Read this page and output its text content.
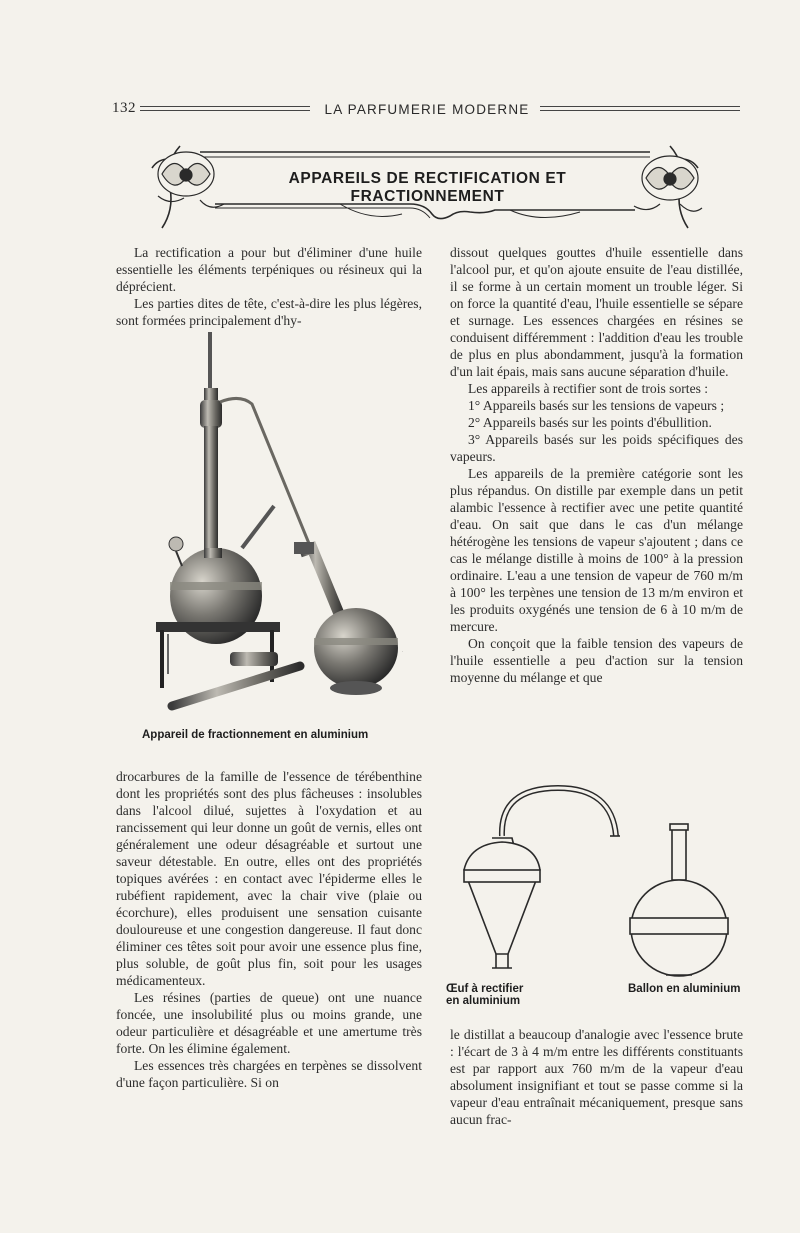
132	LA PARFUMERIE MODERNE
APPAREILS DE RECTIFICATION ET FRACTIONNEMENT

La rectification a pour but d'éliminer d'une huile essentielle les éléments terpéniques ou résineux qui la déprécient.

Les parties dites de tête, c'est-à-dire les plus légères, sont formées principalement d'hy-

.
Appareil de fractionnement en aluminium

drocarbures de la famille de l'essence de térébenthine dont les propriétés sont des plus fâcheuses : insolubles dans l'alcool dilué, sujettes à l'oxydation et au rancissement qui leur donne un goût de vernis, elles ont généralement une odeur désagréable et surtout une saveur détestable. En outre, elles ont des propriétés topiques avérées : en contact avec l'épiderme elles le rubéfient rapidement, avec la chair vive (plaie ou écorchure), elles produisent une sensation cuisante douloureuse et une congestion dangereuse. Il faut donc éliminer ces têtes soit pour avoir une essence plus fine, plus soluble, de goût plus fin, soit pour les usages médicamenteux.

Les résines (parties de queue) ont une nuance foncée, une insolubilité plus ou moins grande, une odeur particulière et désagréable et une amertume très forte. On les élimine également.

Les essences très chargées en terpènes se dissolvent d'une façon particulière. Si on

dissout quelques gouttes d'huile essentielle dans l'alcool pur, et qu'on ajoute ensuite de l'eau distillée, il se forme à un certain moment un trouble léger. Si on force la quantité d'eau, l'huile essentielle se sépare et surnage. Les essences chargées en résines se conduisent différemment : l'addition d'eau les trouble de plus en plus abondamment, jusqu'à la formation d'un lait épais, mais sans aucune séparation d'huile.

Les appareils à rectifier sont de trois sortes :

1° Appareils basés sur les tensions de vapeurs ;

2° Appareils basés sur les points d'ébullition.

3° Appareils basés sur les poids spécifiques des vapeurs.

Les appareils de la première catégorie sont les plus répandus. On distille par exemple dans un petit alambic l'essence à rectifier avec une petite quantité d'eau. On sait que dans le cas d'un mélange hétérogène les tensions de vapeur s'ajoutent ; dans ce cas le mélange distille à moins de 100° à la pression ordinaire. L'eau a une tension de vapeur de 760 m/m à 100° les terpènes une tension de 13 m/m environ et les produits oxygénés une tension de 6 à 10 m/m de mercure.

On conçoit que la faible tension des vapeurs de l'huile essentielle a peu d'action sur la tension moyenne du mélange et que

Œuf à rectifier
en aluminium
Ballon en aluminium

le distillat a beaucoup d'analogie avec l'essence brute : l'écart de 3 à 4 m/m entre les différents constituants est par rapport aux 760 m/m de la vapeur d'eau absolument insignifiant et tout se passe comme si la vapeur d'eau entraînait mécaniquement, presque sans aucun frac-
